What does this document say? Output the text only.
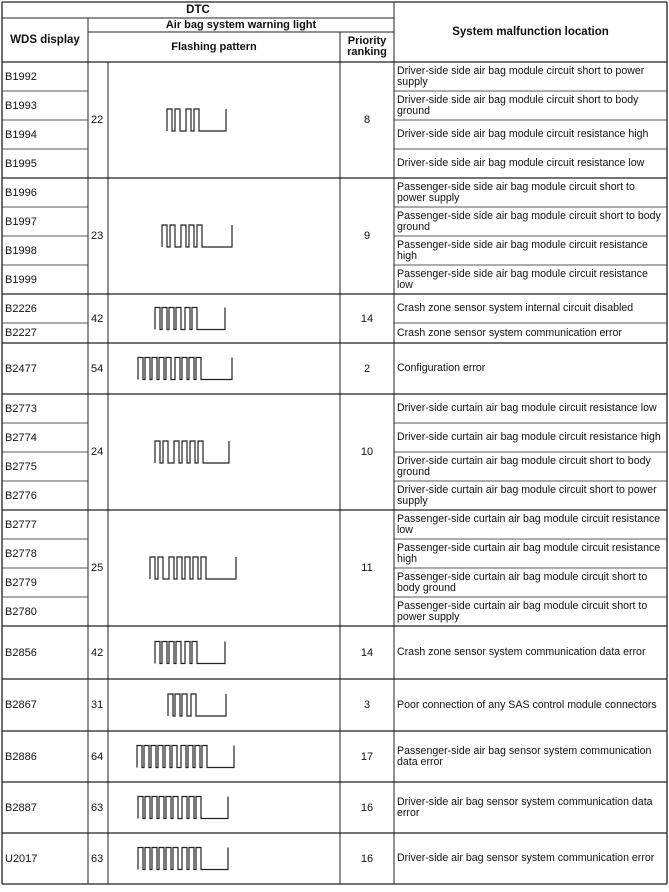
DTC
WDS display
Air bag system warning light
Flashing pattern	Priority ranking
System malfunction location
22	8
B1992	Driver-side side air bag module circuit short to power supply
B1993	Driver-side side air bag module circuit short to body ground
B1994	Driver-side side air bag module circuit resistance high
B1995	Driver-side side air bag module circuit resistance low
23	9
B1996	Passenger-side side air bag module circuit short to power supply
B1997	Passenger-side side air bag module circuit short to body ground
B1998	Passenger-side side air bag module circuit resistance high
B1999	Passenger-side side air bag module circuit resistance low
42	14
B2226	Crash zone sensor system internal circuit disabled
B2227	Crash zone sensor system communication error
54	2
B2477	Configuration error
24	10
B2773	Driver-side curtain air bag module circuit resistance low
B2774	Driver-side curtain air bag module circuit resistance high
B2775	Driver-side curtain air bag module circuit short to body ground
B2776	Driver-side curtain air bag module circuit short to power supply
25	11
B2777	Passenger-side curtain air bag module circuit resistance low
B2778	Passenger-side curtain air bag module circuit resistance high
B2779	Passenger-side curtain air bag module circuit short to body ground
B2780	Passenger-side curtain air bag module circuit short to power supply
42	14
B2856	Crash zone sensor system communication data error
31	3
B2867	Poor connection of any SAS control module connectors
64	17
B2886	Passenger-side air bag sensor system communication data error
63	16
B2887	Driver-side air bag sensor system communication data error
63	16
U2017	Driver-side air bag sensor system communication error
